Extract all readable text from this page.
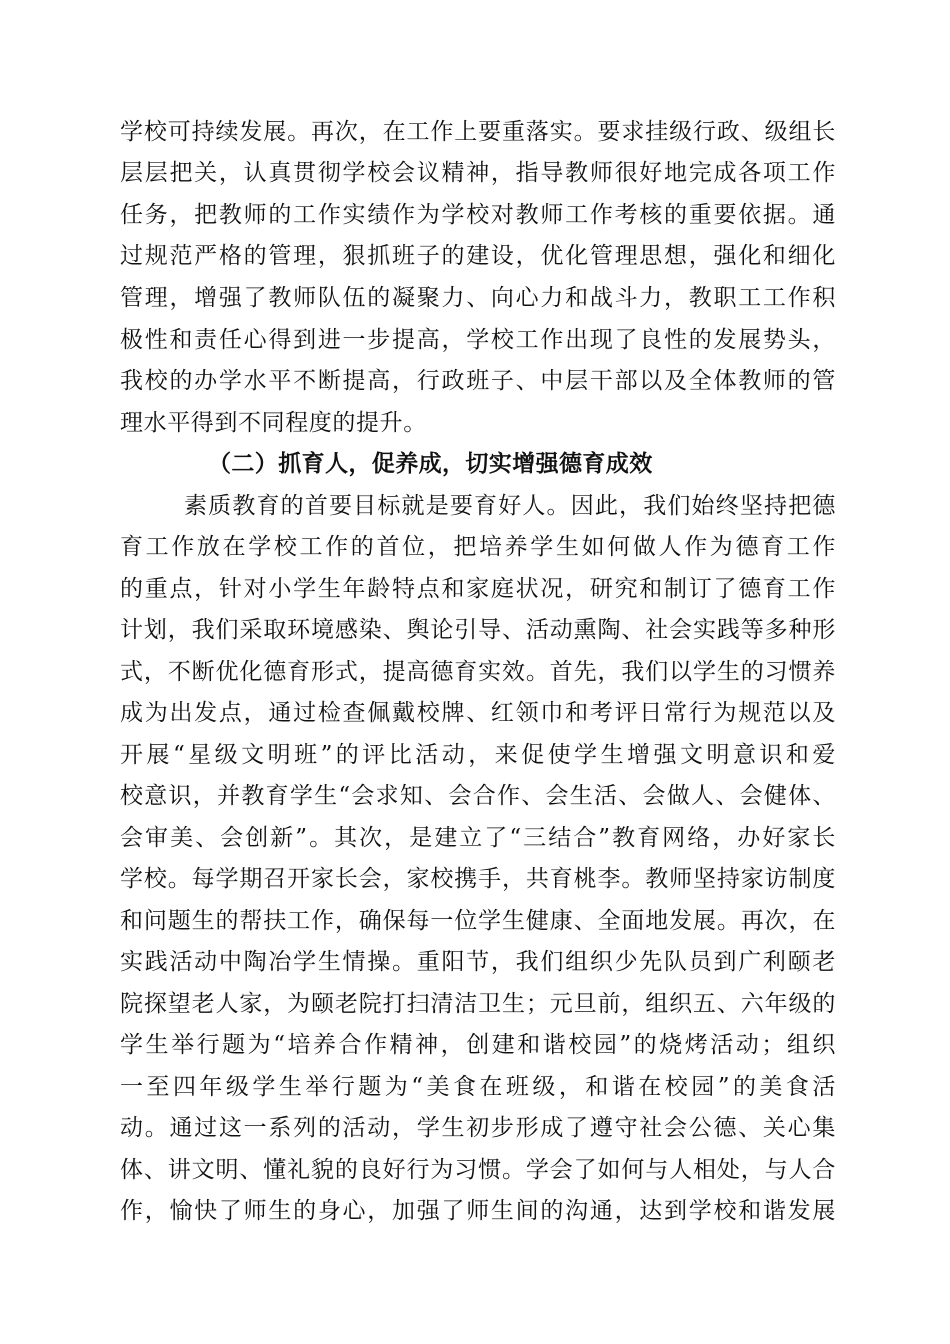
学校可持续发展。再次，在工作上要重落实。要求挂级行政、级组长
层层把关，认真贯彻学校会议精神，指导教师很好地完成各项工作
任务，把教师的工作实绩作为学校对教师工作考核的重要依据。通
过规范严格的管理，狠抓班子的建设，优化管理思想，强化和细化
管理，增强了教师队伍的凝聚力、向心力和战斗力，教职工工作积
极性和责任心得到进一步提高，学校工作出现了良性的发展势头，
我校的办学水平不断提高，行政班子、中层干部以及全体教师的管
理水平得到不同程度的提升。
（二）抓育人，促养成，切实增强德育成效
素质教育的首要目标就是要育好人。因此，我们始终坚持把德
育工作放在学校工作的首位，把培养学生如何做人作为德育工作
的重点，针对小学生年龄特点和家庭状况，研究和制订了德育工作
计划，我们采取环境感染、舆论引导、活动熏陶、社会实践等多种形
式，不断优化德育形式，提高德育实效。首先，我们以学生的习惯养
成为出发点，通过检查佩戴校牌、红领巾和考评日常行为规范以及
开展“星级文明班”的评比活动，来促使学生增强文明意识和爱
校意识，并教育学生“会求知、会合作、会生活、会做人、会健体、
会审美、会创新”。其次，是建立了“三结合”教育网络，办好家长
学校。每学期召开家长会，家校携手，共育桃李。教师坚持家访制度
和问题生的帮扶工作，确保每一位学生健康、全面地发展。再次，在
实践活动中陶冶学生情操。重阳节，我们组织少先队员到广利颐老
院探望老人家，为颐老院打扫清洁卫生；元旦前，组织五、六年级的
学生举行题为“培养合作精神，创建和谐校园”的烧烤活动；组织
一至四年级学生举行题为“美食在班级，和谐在校园”的美食活
动。通过这一系列的活动，学生初步形成了遵守社会公德、关心集
体、讲文明、懂礼貌的良好行为习惯。学会了如何与人相处，与人合
作，愉快了师生的身心，加强了师生间的沟通，达到学校和谐发展
